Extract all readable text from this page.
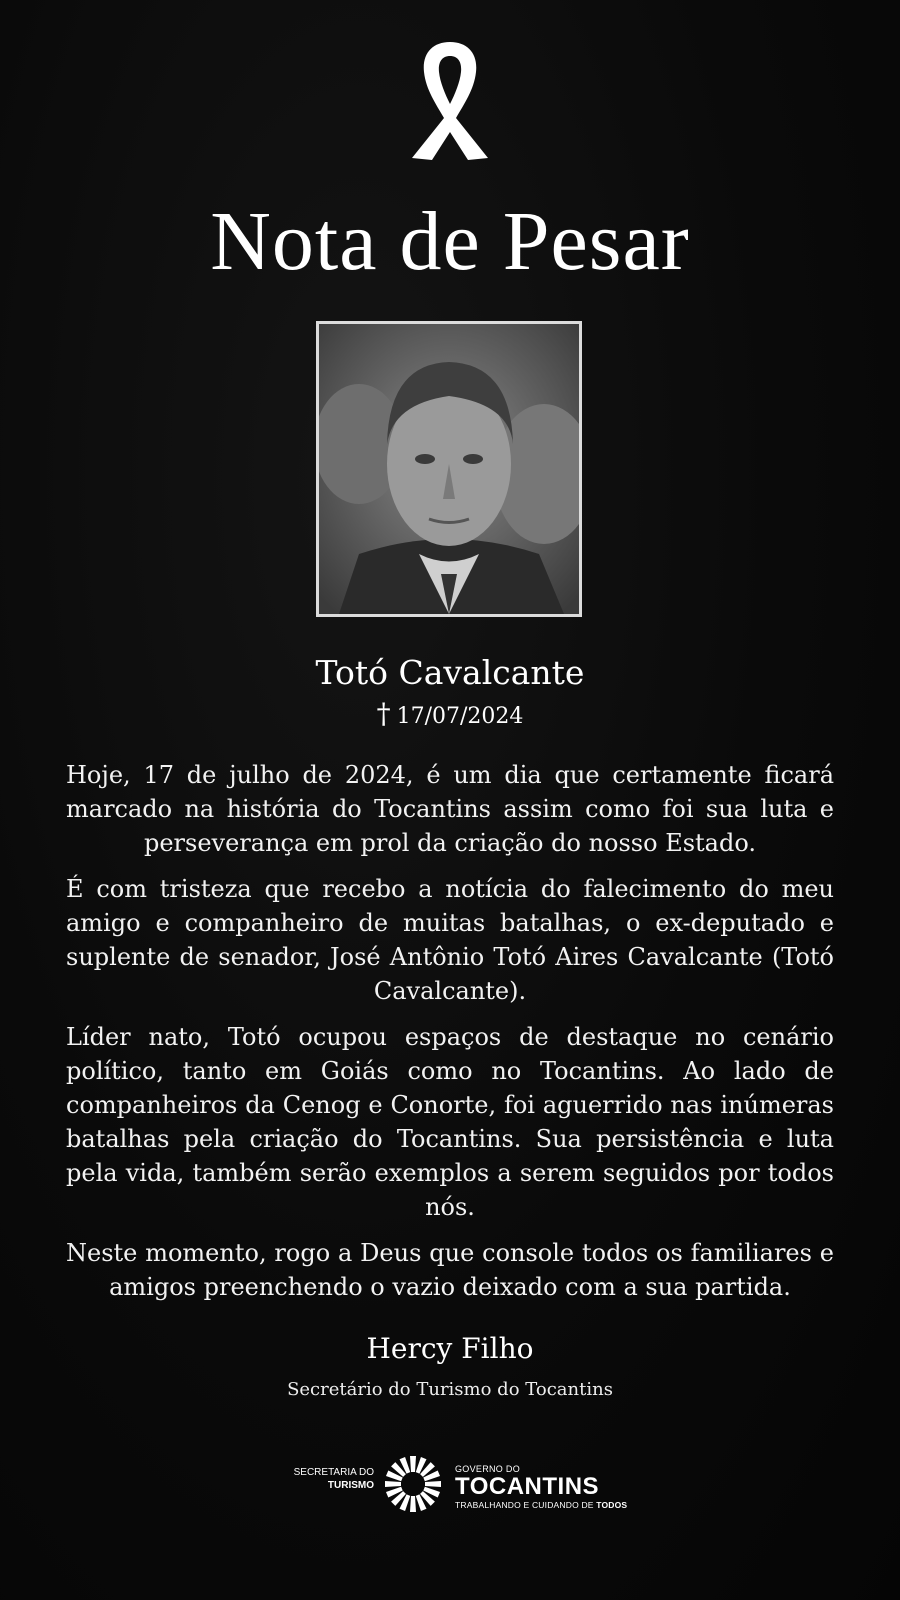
Nota de Pesar
Totó Cavalcante
† 17/07/2024

Hoje, 17 de julho de 2024, é um dia que certamente ficará marcado na história do Tocantins assim como foi sua luta e perseverança em prol da criação do nosso Estado.

É com tristeza que recebo a notícia do falecimento do meu amigo e companheiro de muitas batalhas, o ex-deputado e suplente de senador, José Antônio Totó Aires Cavalcante (Totó Cavalcante).

Líder nato, Totó ocupou espaços de destaque no cenário político, tanto em Goiás como no Tocantins. Ao lado de companheiros da Cenog e Conorte, foi aguerrido nas inúmeras batalhas pela criação do Tocantins. Sua persistência e luta pela vida, também serão exemplos a serem seguidos por todos nós.

Neste momento, rogo a Deus que console todos os familiares e amigos preenchendo o vazio deixado com a sua partida.

Hercy Filho
Secretário do Turismo do Tocantins
SECRETARIA DO
TURISMO
GOVERNO DO
TOCANTINS
TRABALHANDO E CUIDANDO DE TODOS
